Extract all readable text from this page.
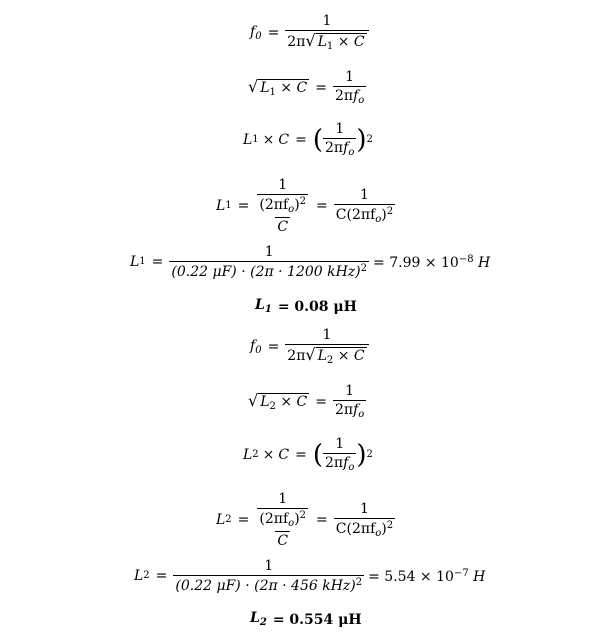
$f_0 = \frac{1}{2\pi √ L_1 \times C}$
√ $L_1 \times C = \frac{1}{2\pi f_o}$
L 1 × C = ( $\frac{1}{2\pi f_o}$ ) 2
L $1 = \frac{\frac{1}{(2\pi f_o)^2}}{C} = \frac{1}{C(2\pi f_o)^2}$
L $1 = \frac{1}{(0.22 \mu F) \cdot (2\pi \cdot 1200 kHz)^2} = 7.99 \times 10^{-8}$ H
$L_1 = 0.08$ μH
$f_0 = \frac{1}{2\pi √ L_2 \times C}$
√ $L_2 \times C = \frac{1}{2\pi f_o}$
L 2 × C = ( $\frac{1}{2\pi f_o}$ ) 2
L $2 = \frac{\frac{1}{(2\pi f_o)^2}}{C} = \frac{1}{C(2\pi f_o)^2}$
L $2 = \frac{1}{(0.22 \mu F) \cdot (2\pi \cdot 456 kHz)^2} = 5.54 \times 10^{-7}$ H
$L_2 = 0.554$ μH
